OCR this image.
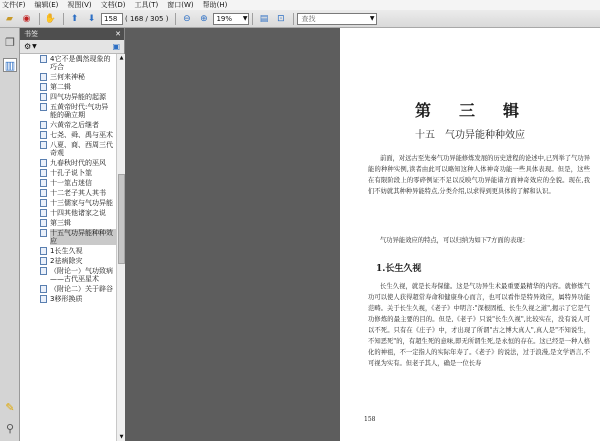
文件(F) 编辑(E) 视图(V) 文档(D) 工具(T) 窗口(W) 帮助(H)
▰	◉	✋	⬆	⬇	158	( 168 / 305 )	⊖	⊕	19% ▼	▤ ⊡	查找	▼
❐
▥
✎
⚲
书签	✕
⚙ ▼	▣
4它不是偶然现象的巧合
三何来神秘
第二辑
四气功异能的起源
五黄帝时代:气功异能的确立期
六黄帝之后继者
七尧、舜、禹与巫术
八夏、商、西周三代奇观
九春秋时代的巫风
十孔子说卜筮
十一筮占迷信
十二老子其人其书
十三儒家与气功异能
十四其他诸家之说
第三辑
十五气功异能种种效应
1长生久视
2祛病除灾
（附论一）气功致病——古代巫星术
（附论二）关于辟谷
3移形换质
▲
▼
第　三　辑
十五　气功异能种种效应
前面，对远古至先秦气功异能修炼发展的历史进程的论述中,已列举了气功异能的种种实例,读者由此可以略知这种人体神奇功能一些具体表现。但是，这些在有限阶段上的零碎例证不足以反映气功异能诸方面神奇效应的全貌。现在,我们不妨就其种种异能特点,分类介绍,以求得到更具体的了解和认识。
气功异能效应的特点，可以归纳为如下7方面的表现：
1.长生久视
长生久视，就是长寿保健。这是气功异生术最重要最精华的内容。就修炼气功可以使人获得超常寿命和健康身心而言，也可以看作是特异效应，属特异功能范畴。关于长生久视，《老子》中明言:"深根固柢、长生久视之道",揭示了它是气功修炼的最主要的目的。但是,《老子》只说"长生久视",比较实在，没有说人可以不死。只有在《庄子》中，才出现了所谓"古之博大真人",真人是"不知说生，不知恶死"的，有超生死的意味,即无所谓生死,是永恒的存在。这已经是一种人格化的神祖，不一定指人的实际年寿了。《老子》的说法，过于浪漫,是文学语言,不可视为实有。但老子其人，确是一位长寿
158
